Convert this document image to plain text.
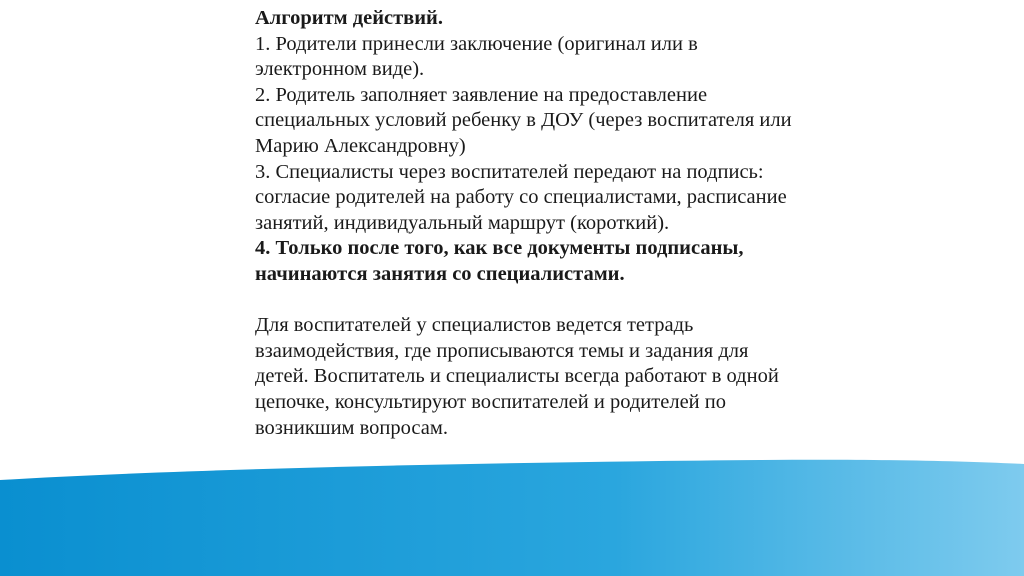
Алгоритм действий.
1. Родители принесли заключение (оригинал или в
электронном виде).
2. Родитель заполняет заявление на предоставление
специальных условий ребенку в ДОУ (через воспитателя или
Марию Александровну)
3. Специалисты через воспитателей передают на подпись:
согласие родителей на работу со специалистами, расписание
занятий, индивидуальный маршрут (короткий).
4. Только после того, как все документы подписаны,
начинаются занятия со специалистами.
Для воспитателей у специалистов ведется тетрадь
взаимодействия, где прописываются темы и задания для
детей. Воспитатель и специалисты всегда работают в одной
цепочке, консультируют воспитателей и родителей по
возникшим вопросам.
